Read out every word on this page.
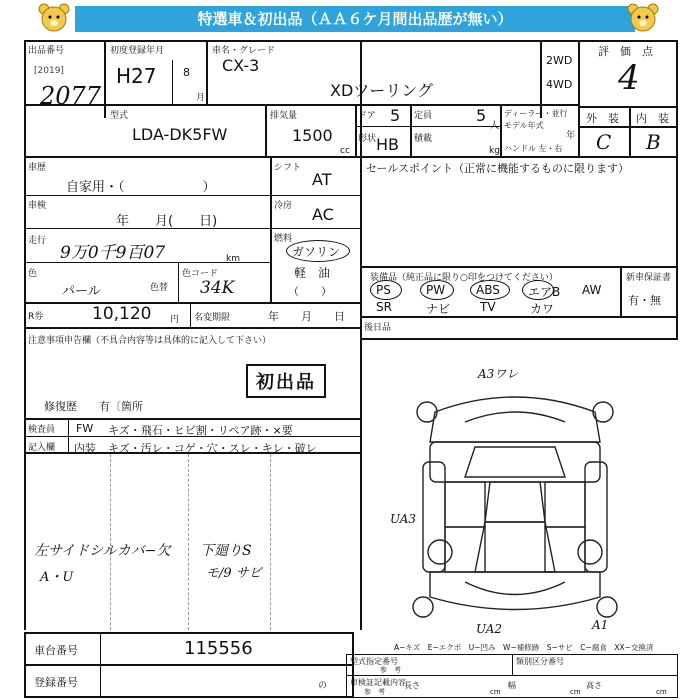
特選車＆初出品（ＡＡ６ケ月間出品歴が無い）
出品番号
[2019]
2077
初度登録年月
H27 8
月
車名・グレード
CX-3
XDツーリング
2WD
4WD
評　価　点
4
外　装 内　装
C B
型式
LDA-DK5FW
排気量
1500
cc
ドア 5 定員	5
人
形状 HB 積載
kg
ディーラー・並行
モデル年式
年
ハンドル 左・右
車歴
自家用・（　　　　　　）
シフト
AT
車検
年　　月(　　日)
冷房 AC
走行
9万0千9百07	km
燃料
ガソリン
軽　油
（　　）
色
パール	色替
色コード
34K
R券	10,120 円 名変期限	年　　月　　日
注意事項申告欄（不具合内容等は具体的に記入して下さい）
初出品
修復歴　　有〔箇所
セールスポイント（正常に機能するものに限ります）
装備品（純正品に限り○印をつけてください）	新車保証書
有・無
PS	PW	ABS エアB AW
SR	ナビ TV	カワ
後日品
検査員
記入欄
FW キズ・飛石・ヒビ割・リペア跡・×要
内装 キズ・汚レ・コゲ・穴・スレ・キレ・破レ
左サイドシルカバ−欠
A・U
下廻りS
モ/9 サビ
A3ワレ
UA3
UA2	A1
車台番号	115556
登録番号	の
A−キズ　E−エクボ　U−凹み　W−補修跡　S−サビ　C−腐食　XX−交換済
型式指定番号
参　考
類別区分番号
車検証記載内容
参　考
長さ
cm
幅
cm
高さ
cm
